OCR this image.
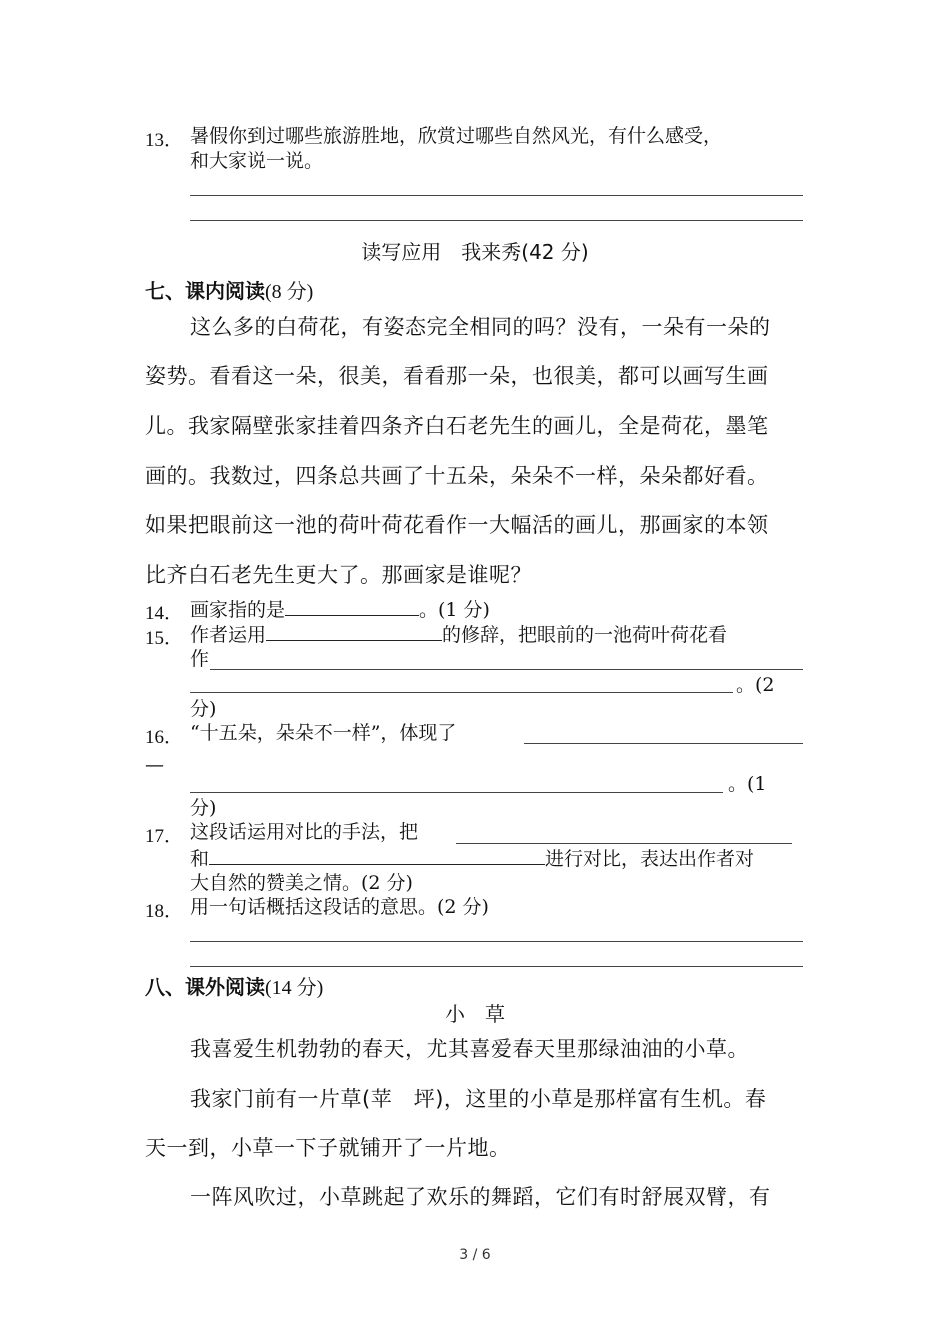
13． 暑假你到过哪些旅游胜地，欣赏过哪些自然风光，有什么感受，
和大家说一说。
读写应用　我来秀(42 分)
七、课内阅读(8 分)
这么多的白荷花，有姿态完全相同的吗？没有，一朵有一朵的
姿势。看看这一朵，很美，看看那一朵，也很美，都可以画写生画
儿。我家隔壁张家挂着四条齐白石老先生的画儿，全是荷花，墨笔
画的。我数过，四条总共画了十五朵，朵朵不一样，朵朵都好看。
如果把眼前这一池的荷叶荷花看作一大幅活的画儿，那画家的本领
比齐白石老先生更大了。那画家是谁呢？
14． 画家指的是	。(1 分)
15． 作者运用	的修辞，把眼前的一池荷叶荷花看
作
。(2
分)
16． “十五朵，朵朵不一样”，体现了
—
。(1
分)
17． 这段话运用对比的手法，把
和	进行对比，表达出作者对
大自然的赞美之情。(2 分)
18． 用一句话概括这段话的意思。(2 分)
八、课外阅读(14 分)
小　草
我喜爱生机勃勃的春天，尤其喜爱春天里那绿油油的小草。
我家门前有一片草(苹　坪)，这里的小草是那样富有生机。春
天一到，小草一下子就铺开了一片地。
一阵风吹过，小草跳起了欢乐的舞蹈，它们有时舒展双臂，有
3 / 6
